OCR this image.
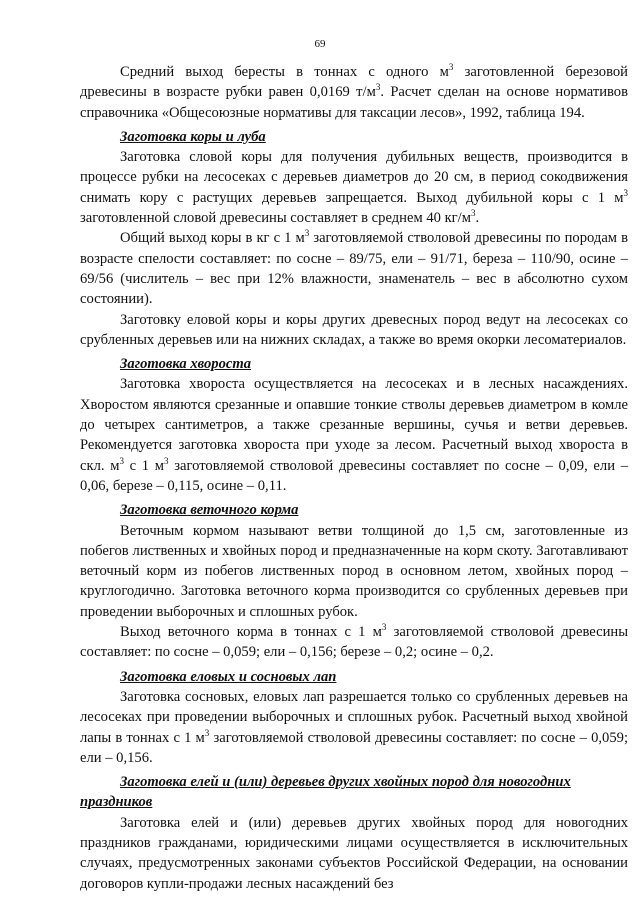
69

Средний выход бересты в тоннах с одного $м^3$ заготовленной березовой древесины в возрасте рубки равен 0,0169 $т/м^3$. Расчет сделан на основе нормативов справочника «Общесоюзные нормативы для таксации лесов», 1992, таблица 194.

Заготовка коры и луба

Заготовка словой коры для получения дубильных веществ, производится в процессе рубки на лесосеках с деревьев диаметров до 20 см, в период сокодвижения снимать кору с растущих деревьев запрещается. Выход дубильной коры с 1 $м^3$ заготовленной словой древесины составляет в среднем 40 $кг/м^3$.

Общий выход коры в кг с 1 $м^3$ заготовляемой стволовой древесины по породам в возрасте спелости составляет: по сосне – 89/75, ели – 91/71, береза – 110/90, осине – 69/56 (числитель – вес при 12% влажности, знаменатель – вес в абсолютно сухом состоянии).

Заготовку еловой коры и коры других древесных пород ведут на лесосеках со срубленных деревьев или на нижних складах, а также во время окорки лесоматериалов.

Заготовка хвороста

Заготовка хвороста осуществляется на лесосеках и в лесных насаждениях. Хворостом являются срезанные и опавшие тонкие стволы деревьев диаметром в комле до четырех сантиметров, а также срезанные вершины, сучья и ветви деревьев. Рекомендуется заготовка хвороста при уходе за лесом. Расчетный выход хвороста в скл. $м^3$ с 1 $м^3$ заготовляемой стволовой древесины составляет по сосне – 0,09, ели – 0,06, березе – 0,115, осине – 0,11.

Заготовка веточного корма

Веточным кормом называют ветви толщиной до 1,5 см, заготовленные из побегов лиственных и хвойных пород и предназначенные на корм скоту. Заготавливают веточный корм из побегов лиственных пород в основном летом, хвойных пород – круглогодично. Заготовка веточного корма производится со срубленных деревьев при проведении выборочных и сплошных рубок.

Выход веточного корма в тоннах с 1 $м^3$ заготовляемой стволовой древесины составляет: по сосне – 0,059; ели – 0,156; березе – 0,2; осине – 0,2.

Заготовка еловых и сосновых лап

Заготовка сосновых, еловых лап разрешается только со срубленных деревьев на лесосеках при проведении выборочных и сплошных рубок. Расчетный выход хвойной лапы в тоннах с 1 $м^3$ заготовляемой стволовой древесины составляет: по сосне – 0,059; ели – 0,156.

Заготовка елей и (или) деревьев других хвойных пород для новогодних праздников

Заготовка елей и (или) деревьев других хвойных пород для новогодних праздников гражданами, юридическими лицами осуществляется в исключительных случаях, предусмотренных законами субъектов Российской Федерации, на основании договоров купли-продажи лесных насаждений без
